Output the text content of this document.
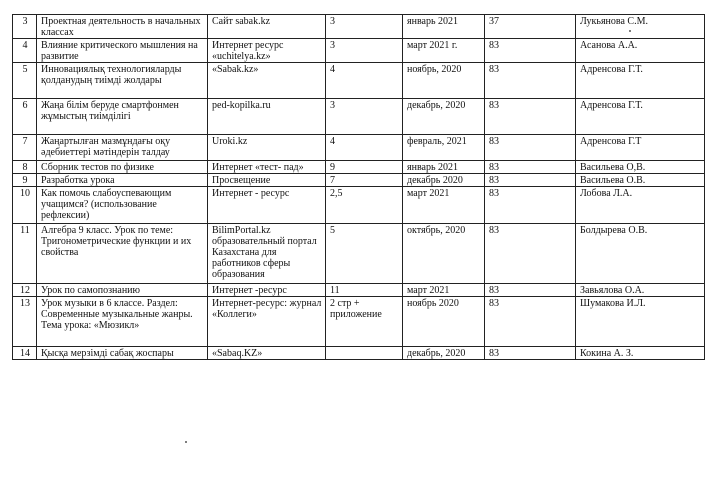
3	Проектная деятельность в начальных классах	Сайт sabak.kz	3	январь 2021	37	Лукьянова С.М.
4	Влияние критического мышления на развитие	Интернет ресурс «uchitelya.kz»	3	март 2021 г.	83	Асанова А.А.
5	Инновациялық технологияларды қолданудың тиімді жолдары	«Sabak.kz»	4	ноябрь, 2020	83	Адренсова Г.Т.
6	Жаңа білім беруде смартфонмен жұмыстың тиімділігі	ped-kopilka.ru	3	декабрь, 2020	83	Адренсова Г.Т.
7	Жаңартылған мазмұндағы оқу әдебиеттері мәтіндерін талдау	Uroki.kz	4	февраль, 2021	83	Адренсова Г.Т
8	Сборник тестов по физике	Интернет «тест- пад»	9	январь 2021	83	Васильева О,В.
9	Разработка урока	Просвещение	7	декабрь 2020	83	Васильева О.В.
10	Как помочь слабоуспевающим учащимся? (использование рефлексии)	Интернет - ресурс	2,5	март 2021	83	Лобова Л.А.
11	Алгебра 9 класс. Урок по теме: Тригонометрические функции и их свойства	BilimPortal.kz образовательный портал Казахстана для работников сферы образования	5	октябрь, 2020	83	Болдырева О.В.
12	Урок по самопознанию	Интернет -ресурс	11	март 2021	83	Завьялова О.А.
13	Урок музыки в 6 классе. Раздел: Современные музыкальные жанры. Тема урока: «Мюзикл»	Интернет-ресурс: журнал «Коллеги»	2 стр + приложение	ноябрь 2020	83	Шумакова И.Л.
14	Қысқа мерзімді сабақ жоспары	«Sabaq.KZ»		декабрь, 2020	83	Кокина А. З.
